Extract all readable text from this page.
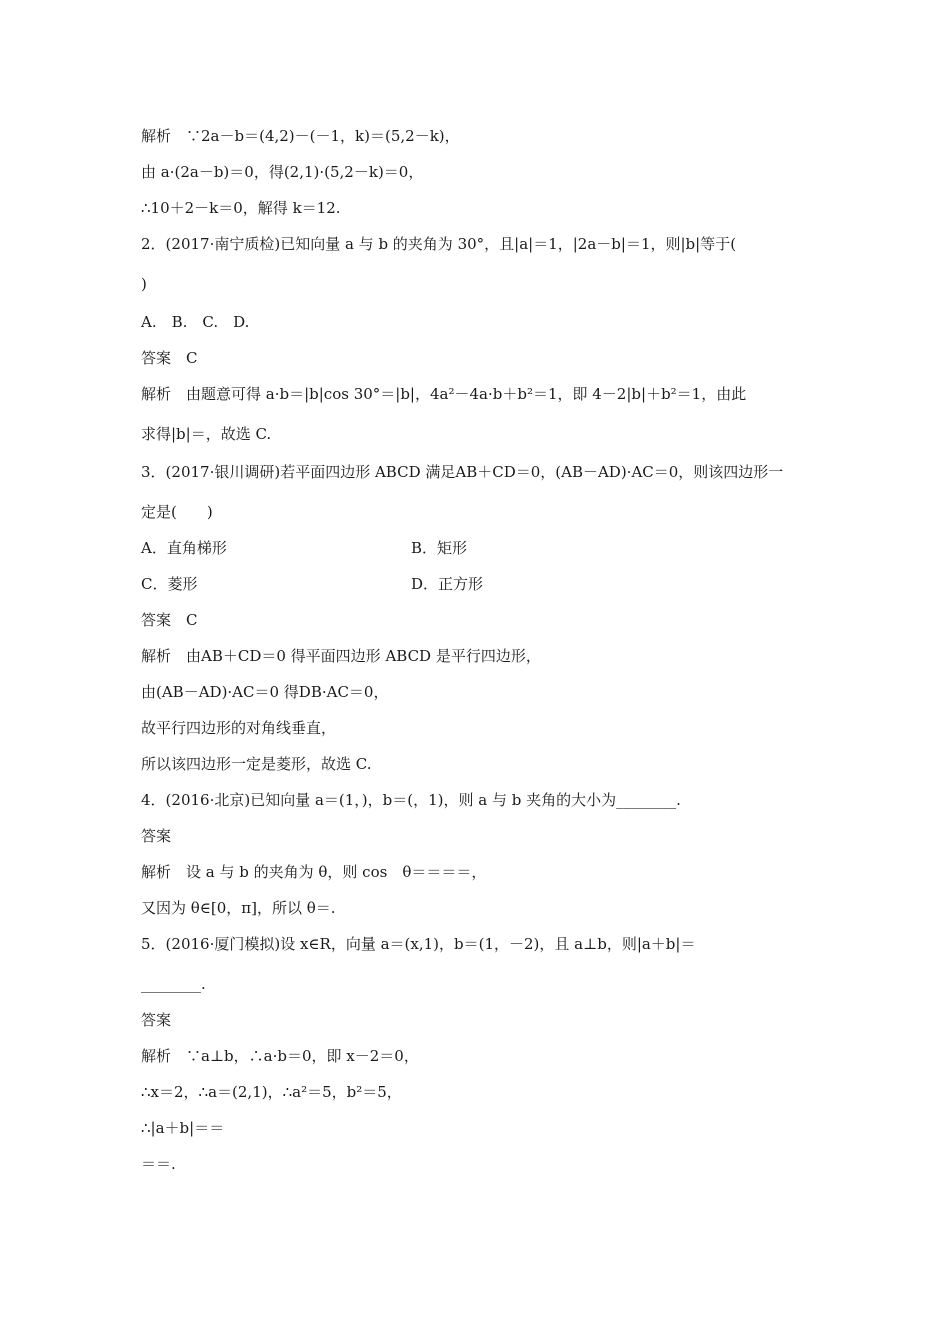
解析　∵2a－b＝(4,2)－(－1，k)＝(5,2－k)，
由 a·(2a－b)＝0，得(2,1)·(5,2－k)＝0，
∴10＋2－k＝0，解得 k＝12.
2．(2017·南宁质检)已知向量 a 与 b 的夹角为 30°，且|a|＝1，|2a－b|＝1，则|b|等于(
)
A.　B.　C.　D.
答案　C
解析　由题意可得 a·b＝|b|cos 30°＝|b|，4a²－4a·b＋b²＝1，即 4－2|b|＋b²＝1，由此
求得|b|＝，故选 C.
3．(2017·银川调研)若平面四边形 ABCD 满足AB＋CD＝0，(AB－AD)·AC＝0，则该四边形一
定是(　　)
A．直角梯形	B．矩形
C．菱形	D．正方形
答案　C
解析　由AB＋CD＝0 得平面四边形 ABCD 是平行四边形，
由(AB－AD)·AC＝0 得DB·AC＝0，
故平行四边形的对角线垂直，
所以该四边形一定是菱形，故选 C.
4．(2016·北京)已知向量 a＝(1，)，b＝(，1)，则 a 与 b 夹角的大小为________.
答案
解析　设 a 与 b 的夹角为 θ，则 cos　θ＝＝＝＝，
又因为 θ∈[0，π]，所以 θ＝.
5．(2016·厦门模拟)设 x∈R，向量 a＝(x,1)，b＝(1，－2)，且 a⊥b，则|a＋b|＝
________.
答案
解析　∵a⊥b，∴a·b＝0，即 x－2＝0，
∴x＝2，∴a＝(2,1)，∴a²＝5，b²＝5，
∴|a＋b|＝＝
＝＝.
